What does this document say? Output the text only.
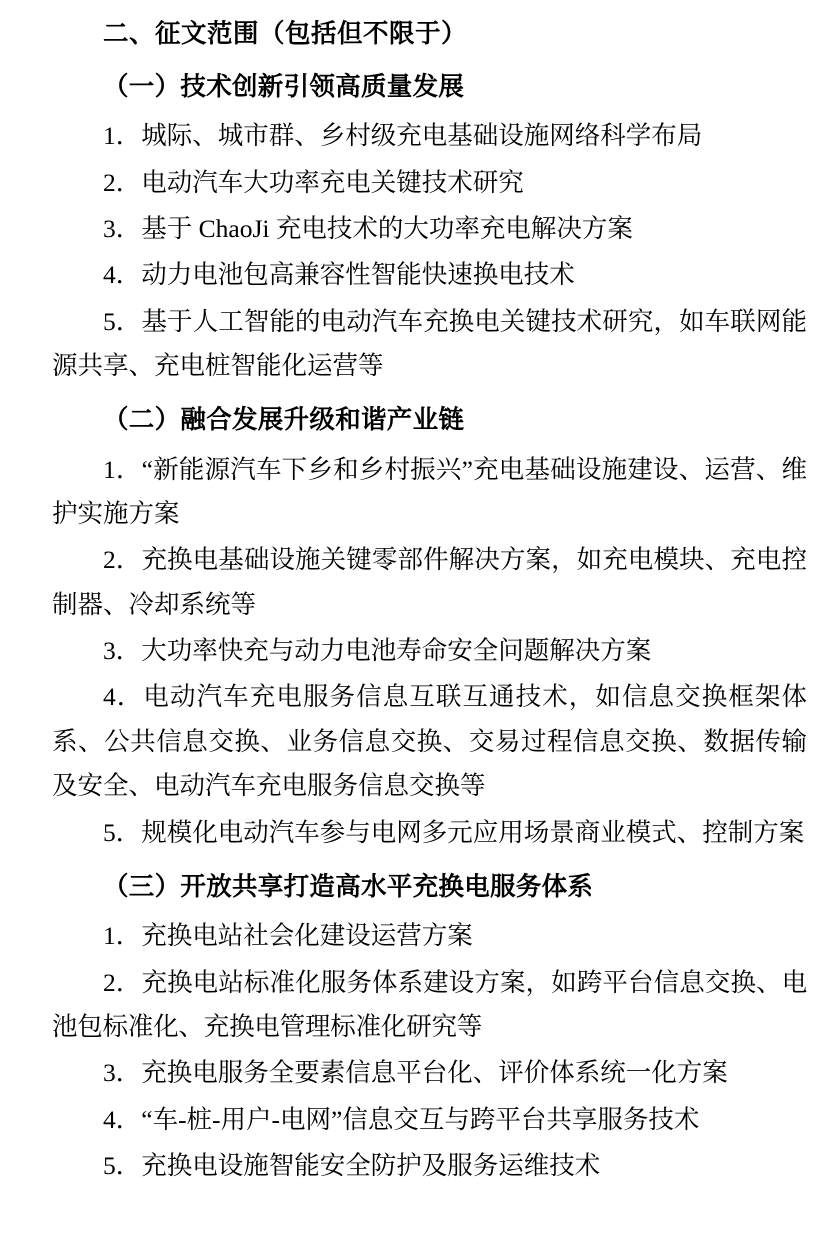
二、征文范围（包括但不限于）
（一）技术创新引领高质量发展
1．城际、城市群、乡村级充电基础设施网络科学布局
2．电动汽车大功率充电关键技术研究
3．基于 ChaoJi 充电技术的大功率充电解决方案
4．动力电池包高兼容性智能快速换电技术
5．基于人工智能的电动汽车充换电关键技术研究，如车联网能源共享、充电桩智能化运营等
（二）融合发展升级和谐产业链
1．“新能源汽车下乡和乡村振兴”充电基础设施建设、运营、维护实施方案
2．充换电基础设施关键零部件解决方案，如充电模块、充电控制器、冷却系统等
3．大功率快充与动力电池寿命安全问题解决方案
4．电动汽车充电服务信息互联互通技术，如信息交换框架体系、公共信息交换、业务信息交换、交易过程信息交换、数据传输及安全、电动汽车充电服务信息交换等
5．规模化电动汽车参与电网多元应用场景商业模式、控制方案
（三）开放共享打造高水平充换电服务体系
1．充换电站社会化建设运营方案
2．充换电站标准化服务体系建设方案，如跨平台信息交换、电池包标准化、充换电管理标准化研究等
3．充换电服务全要素信息平台化、评价体系统一化方案
4．“车-桩-用户-电网”信息交互与跨平台共享服务技术
5．充换电设施智能安全防护及服务运维技术
